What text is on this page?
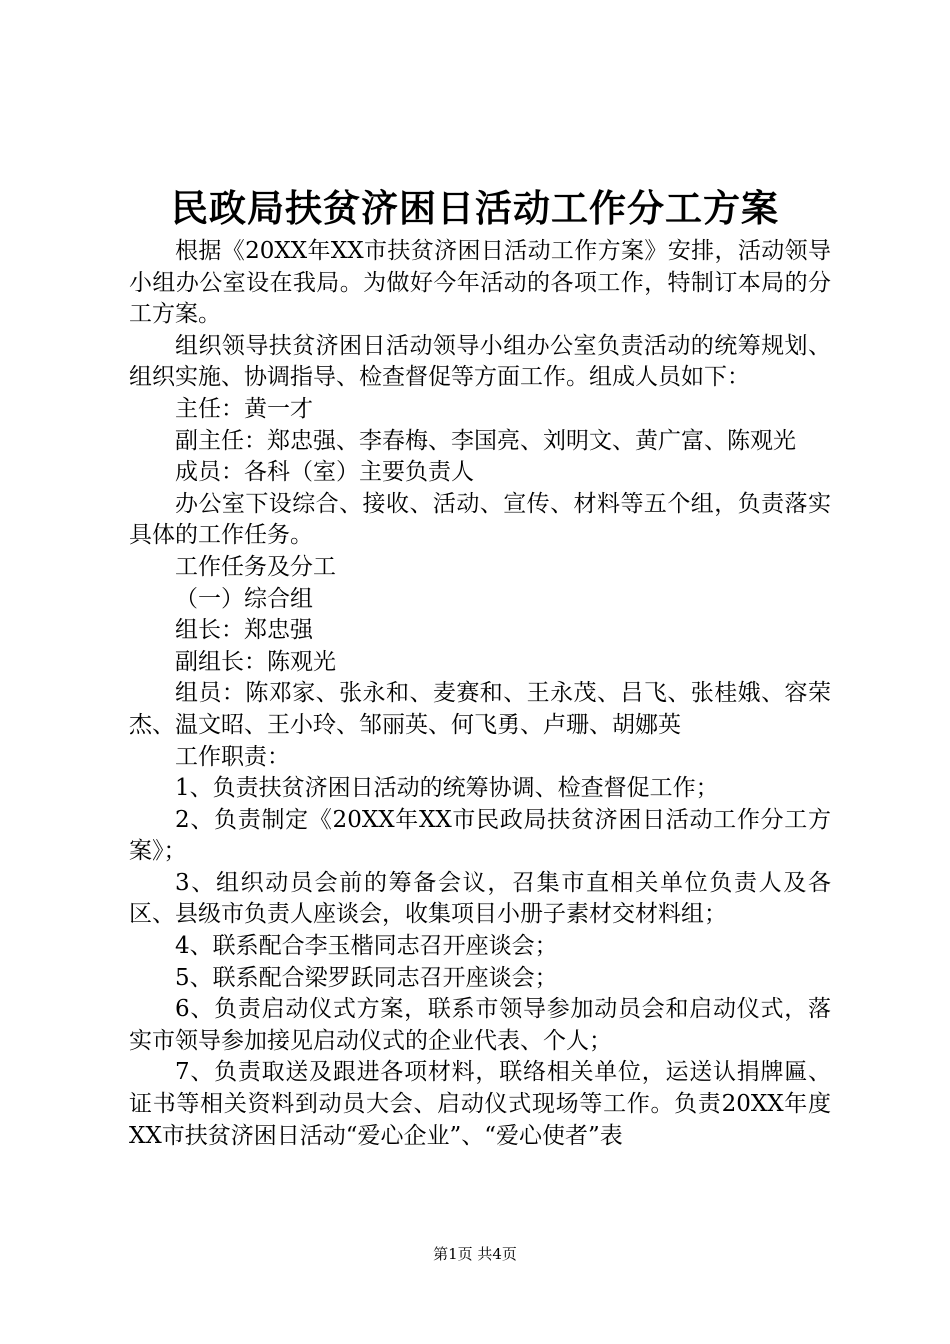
民政局扶贫济困日活动工作分工方案

根据《20XX年XX市扶贫济困日活动工作方案》安排，活动领导小组办公室设在我局。为做好今年活动的各项工作，特制订本局的分工方案。

组织领导扶贫济困日活动领导小组办公室负责活动的统筹规划、组织实施、协调指导、检查督促等方面工作。组成人员如下：

主任：黄一才

副主任：郑忠强、李春梅、李国亮、刘明文、黄广富、陈观光

成员：各科（室）主要负责人

办公室下设综合、接收、活动、宣传、材料等五个组，负责落实具体的工作任务。

工作任务及分工

（一）综合组

组长：郑忠强

副组长：陈观光

组员：陈邓家、张永和、麦赛和、王永茂、吕飞、张桂娥、容荣杰、温文昭、王小玲、邹丽英、何飞勇、卢珊、胡娜英

工作职责：

1、负责扶贫济困日活动的统筹协调、检查督促工作；

2、负责制定《20XX年XX市民政局扶贫济困日活动工作分工方案》；

3、组织动员会前的筹备会议，召集市直相关单位负责人及各区、县级市负责人座谈会，收集项目小册子素材交材料组；

4、联系配合李玉楷同志召开座谈会；

5、联系配合梁罗跃同志召开座谈会；

6、负责启动仪式方案，联系市领导参加动员会和启动仪式，落实市领导参加接见启动仪式的企业代表、个人；

7、负责取送及跟进各项材料，联络相关单位，运送认捐牌匾、证书等相关资料到动员大会、启动仪式现场等工作。负责20XX年度XX市扶贫济困日活动“爱心企业”、“爱心使者”表

第1页 共4页
